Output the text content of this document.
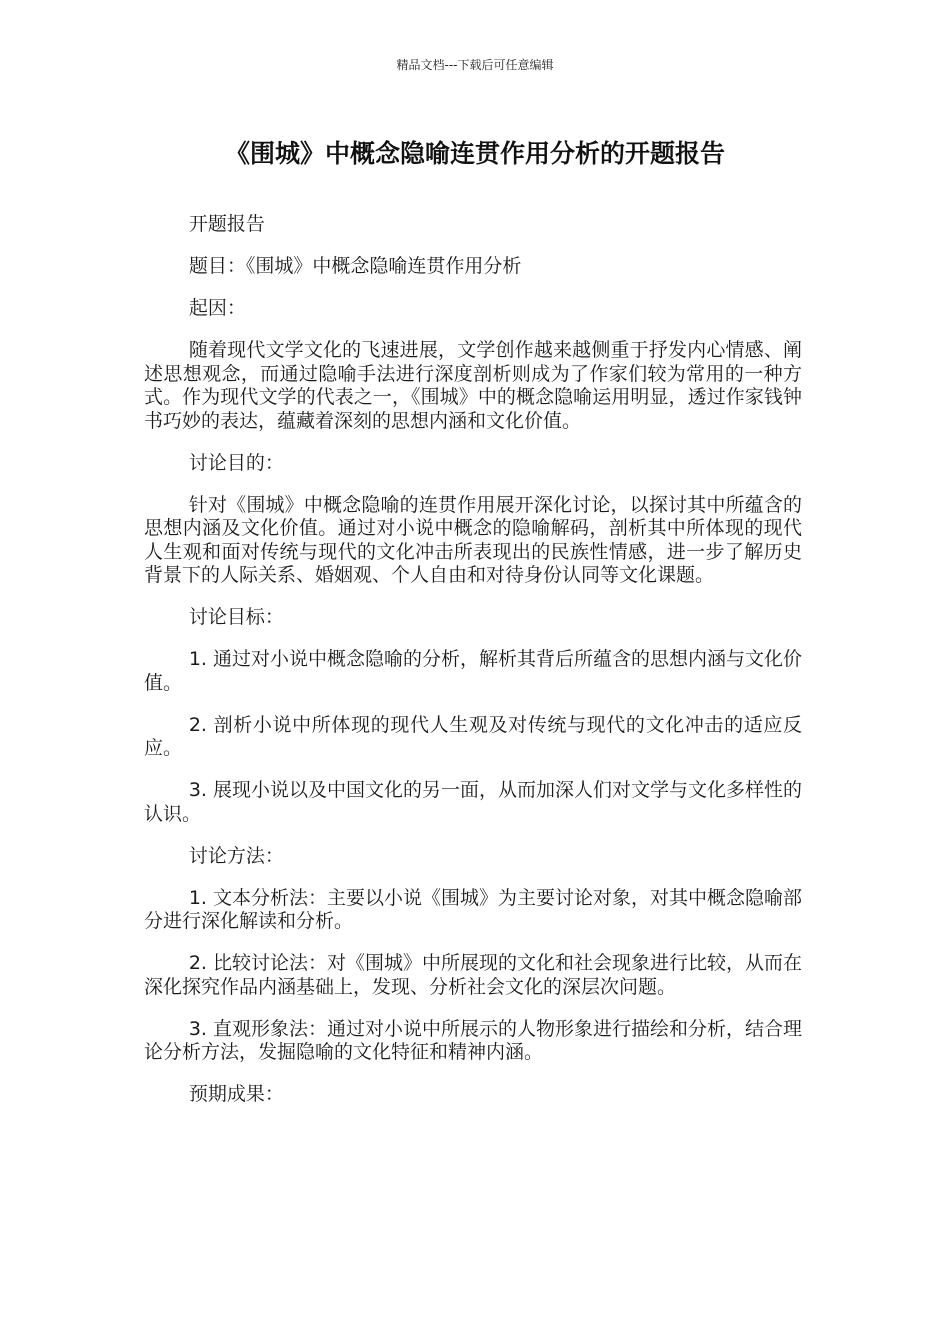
精品文档---下载后可任意编辑
《围城》中概念隐喻连贯作用分析的开题报告

开题报告

题目：《围城》中概念隐喻连贯作用分析

起因：

随着现代文学文化的飞速进展，文学创作越来越侧重于抒发内心情感、阐述思想观念，而通过隐喻手法进行深度剖析则成为了作家们较为常用的一种方式。作为现代文学的代表之一，《围城》中的概念隐喻运用明显，透过作家钱钟书巧妙的表达，蕴藏着深刻的思想内涵和文化价值。

讨论目的：

针对《围城》中概念隐喻的连贯作用展开深化讨论，以探讨其中所蕴含的思想内涵及文化价值。通过对小说中概念的隐喻解码，剖析其中所体现的现代人生观和面对传统与现代的文化冲击所表现出的民族性情感，进一步了解历史背景下的人际关系、婚姻观、个人自由和对待身份认同等文化课题。

讨论目标：

1. 通过对小说中概念隐喻的分析，解析其背后所蕴含的思想内涵与文化价值。

2. 剖析小说中所体现的现代人生观及对传统与现代的文化冲击的适应反应。

3. 展现小说以及中国文化的另一面，从而加深人们对文学与文化多样性的认识。

讨论方法：

1. 文本分析法：主要以小说《围城》为主要讨论对象，对其中概念隐喻部分进行深化解读和分析。

2. 比较讨论法：对《围城》中所展现的文化和社会现象进行比较，从而在深化探究作品内涵基础上，发现、分析社会文化的深层次问题。

3. 直观形象法：通过对小说中所展示的人物形象进行描绘和分析，结合理论分析方法，发掘隐喻的文化特征和精神内涵。

预期成果：
